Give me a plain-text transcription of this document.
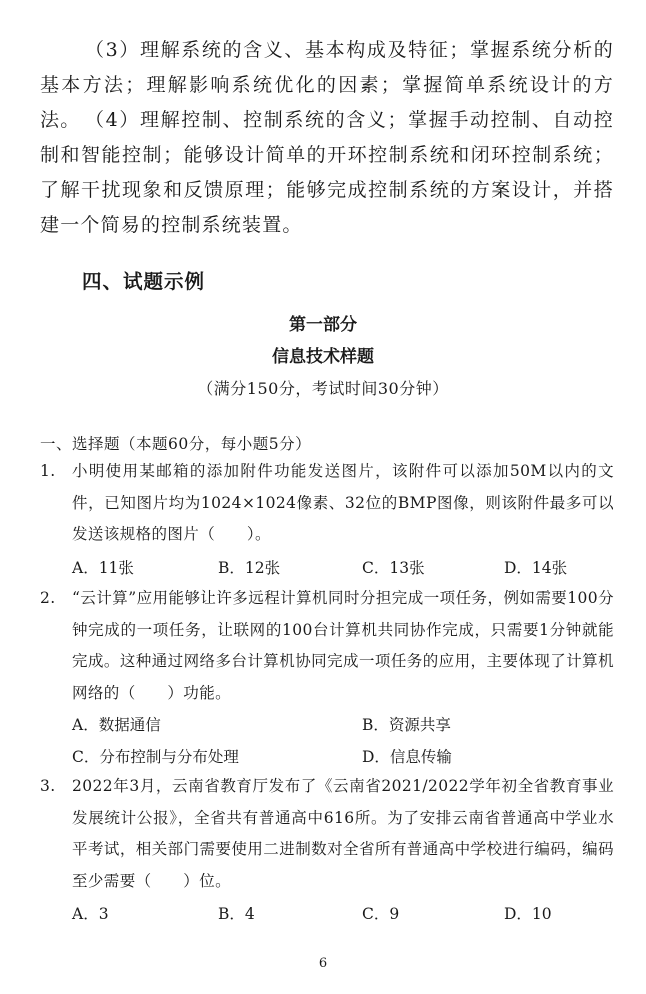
（3）理解系统的含义、基本构成及特征；掌握系统分析的基本方法；理解影响系统优化的因素；掌握简单系统设计的方法。 （4）理解控制、控制系统的含义；掌握手动控制、自动控制和智能控制；能够设计简单的开环控制系统和闭环控制系统；了解干扰现象和反馈原理；能够完成控制系统的方案设计，并搭建一个简易的控制系统装置。

四、试题示例
第一部分
信息技术样题
（满分150分，考试时间30分钟）
一、选择题（本题60分，每小题5分）
1. 小明使用某邮箱的添加附件功能发送图片，该附件可以添加50M以内的文件，已知图片均为1024×1024像素、32位的BMP图像，则该附件最多可以发送该规格的图片（　　）。
A．11张	B．12张	C．13张	D．14张
2. “云计算”应用能够让许多远程计算机同时分担完成一项任务，例如需要100分钟完成的一项任务，让联网的100台计算机共同协作完成，只需要1分钟就能完成。这种通过网络多台计算机协同完成一项任务的应用，主要体现了计算机网络的（　　）功能。
A．数据通信	B．资源共享
C．分布控制与分布处理	D．信息传输
3. 2022年3月，云南省教育厅发布了《云南省2021/2022学年初全省教育事业发展统计公报》，全省共有普通高中616所。为了安排云南省普通高中学业水平考试，相关部门需要使用二进制数对全省所有普通高中学校进行编码，编码至少需要（　　）位。
A．3	B．4	C．9	D．10
6
